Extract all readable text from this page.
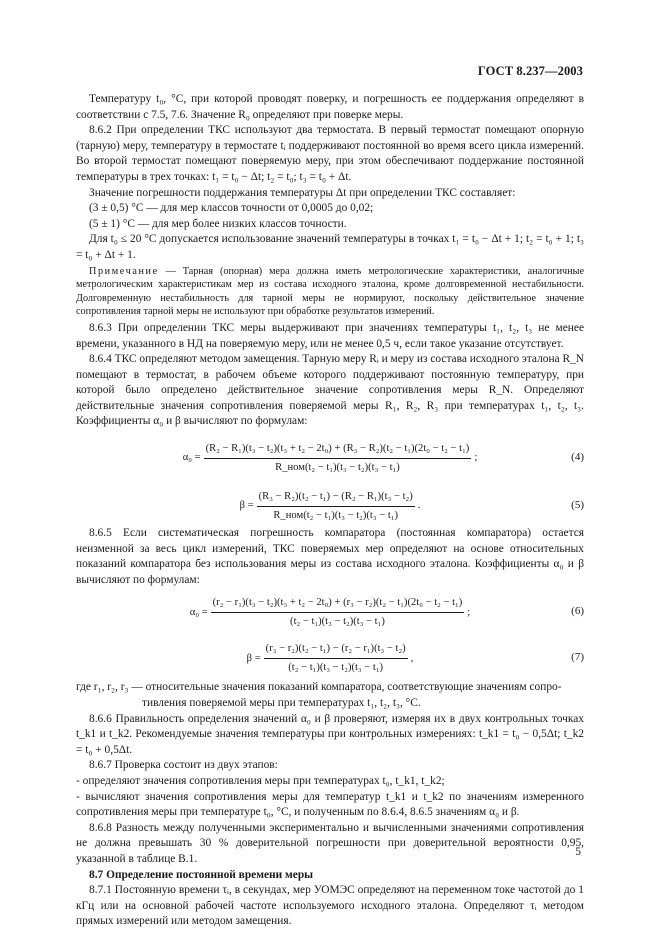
ГОСТ 8.237—2003

Температуру t₀, °С, при которой проводят поверку, и погрешность ее поддержания определяют в соответствии с 7.5, 7.6. Значение R₀ определяют при поверке меры.

8.6.2 При определении ТКС используют два термостата. В первый термостат помещают опорную (тарную) меру, температуру в термостате tᵢ поддерживают постоянной во время всего цикла измерений. Во второй термостат помещают поверяемую меру, при этом обеспечивают поддержание постоянной температуры в трех точках: t₁ = t₀ − Δt; t₂ = t₀; t₃ = t₀ + Δt.

Значение погрешности поддержания температуры Δt при определении ТКС составляет:

(3 ± 0,5) °С — для мер классов точности от 0,0005 до 0,02;

(5 ± 1) °С — для мер более низких классов точности.

Для t₀ ≤ 20 °С допускается использование значений температуры в точках t₁ = t₀ − Δt + 1; t₂ = t₀ + 1; t₃ = t₀ + Δt + 1.

Примечание — Тарная (опорная) мера должна иметь метрологические характеристики, аналогичные метрологическим характеристикам мер из состава исходного эталона, кроме долговременной нестабильности. Долговременную нестабильность для тарной меры не нормируют, поскольку действительное значение сопротивления тарной меры не используют при обработке результатов измерений.

8.6.3 При определении ТКС меры выдерживают при значениях температуры t₁, t₂, t₃ не менее времени, указанного в НД на поверяемую меру, или не менее 0,5 ч, если такое указание отсутствует.

8.6.4 ТКС определяют методом замещения. Тарную меру Rᵢ и меру из состава исходного эталона R_N помещают в термостат, в рабочем объеме которого поддерживают постоянную температуру, при которой было определено действительное значение сопротивления меры R_N. Определяют действительные значения сопротивления поверяемой меры R₁, R₂, R₃ при температурах t₁, t₂, t₃. Коэффициенты α₀ и β вычисляют по формулам:

α₀ =
(R₂ − R₁)(t₃ − t₂)(t₃ + t₂ − 2t₀) + (R₃ − R₂)(t₂ − t₁)(2t₀ − t₂ − t₁)
R_ном(t₂ − t₁)(t₃ − t₂)(t₃ − t₁)
;	(4)
$\beta = \frac{\text{(R₃ − R₂)(t₂ − t₁) − (R₂ − R₁)(t₃ − t₂)}}{\text{R\_ном(t₂ − t₁)(t₃ − t₂)(t₃ − t₁)}}$ .	(5)

8.6.5 Если систематическая погрешность компаратора (постоянная компаратора) остается неизменной за весь цикл измерений, ТКС поверяемых мер определяют на основе относительных показаний компаратора без использования меры из состава исходного эталона. Коэффициенты α₀ и β вычисляют по формулам:

α₀ =
(r₂ − r₁)(t₃ − t₂)(t₃ + t₂ − 2t₀) + (r₃ − r₂)(t₂ − t₁)(2t₀ − t₂ − t₁)
(t₂ − t₁)(t₃ − t₂)(t₃ − t₁)
;	(6)
$\beta = \frac{\text{(r₃ − r₂)(t₂ − t₁) − (r₂ − r₁)(t₃ − t₂)}}{\text{(t₂ − t₁)(t₃ − t₂)(t₃ − t₁)}}$ ,	(7)

где r₁, r₂, r₃ — относительные значения показаний компаратора, соответствующие значениям сопро-

тивления поверяемой меры при температурах t₁, t₂, t₃, °С.

8.6.6 Правильность определения значений α₀ и β проверяют, измеряя их в двух контрольных точках t_k1 и t_k2. Рекомендуемые значения температуры при контрольных измерениях: t_k1 = t₀ − 0,5Δt; t_k2 = t₀ + 0,5Δt.

8.6.7 Проверка состоит из двух этапов:

- определяют значения сопротивления меры при температурах t₀, t_k1, t_k2;

- вычисляют значения сопротивления меры для температур t_k1 и t_k2 по значениям измеренного сопротивления меры при температуре t₀, °С, и полученным по 8.6.4, 8.6.5 значениям α₀ и β.

8.6.8 Разность между полученными экспериментально и вычисленными значениями сопротивления не должна превышать 30 % доверительной погрешности при доверительной вероятности 0,95, указанной в таблице В.1.

8.7 Определение постоянной времени меры

8.7.1 Постоянную времени τᵢ, в секундах, мер УОМЭС определяют на переменном токе частотой до 1 кГц или на основной рабочей частоте используемого исходного эталона. Определяют τᵢ методом прямых измерений или методом замещения.

5
